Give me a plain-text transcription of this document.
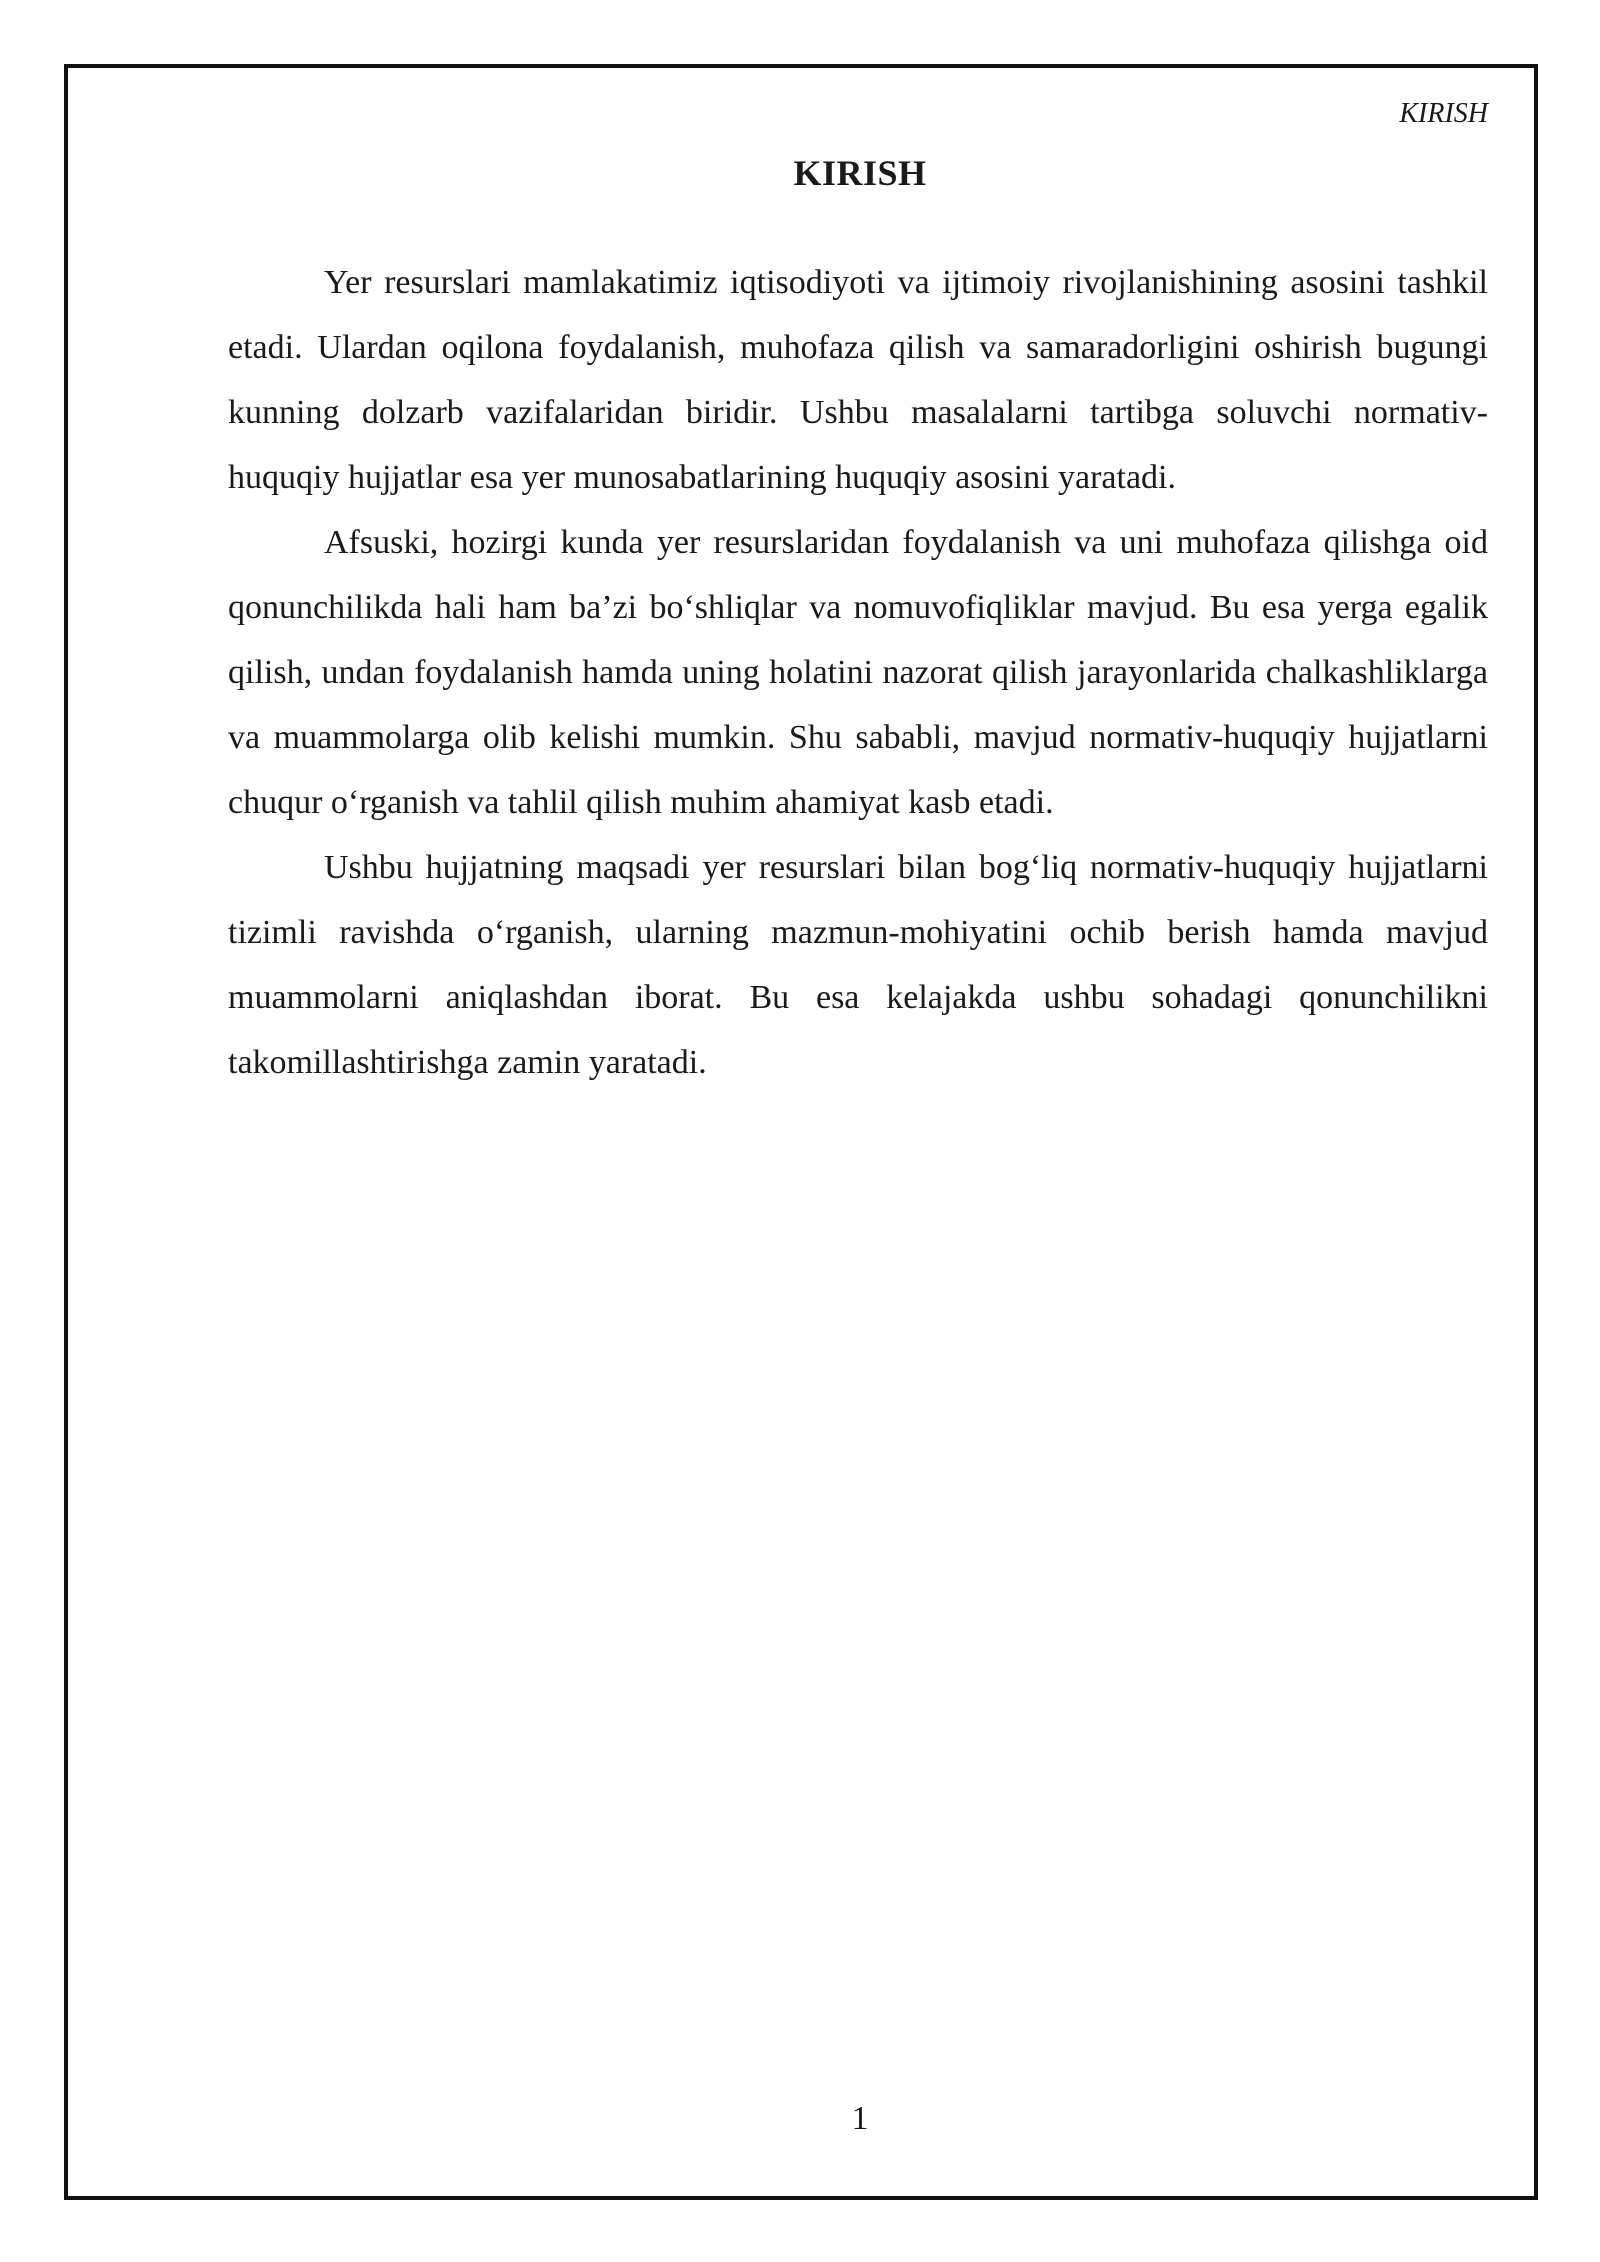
KIRISH
KIRISH

Yer resurslari mamlakatimiz iqtisodiyoti va ijtimoiy rivojlanishining asosini tashkil etadi. Ulardan oqilona foydalanish, muhofaza qilish va samaradorligini oshirish bugungi kunning dolzarb vazifalaridan biridir. Ushbu masalalarni tartibga soluvchi normativ-huquqiy hujjatlar esa yer munosabatlarining huquqiy asosini yaratadi.

Afsuski, hozirgi kunda yer resurslaridan foydalanish va uni muhofaza qilishga oid qonunchilikda hali ham ba’zi bo‘shliqlar va nomuvofiqliklar mavjud. Bu esa yerga egalik qilish, undan foydalanish hamda uning holatini nazorat qilish jarayonlarida chalkashliklarga va muammolarga olib kelishi mumkin. Shu sababli, mavjud normativ-huquqiy hujjatlarni chuqur o‘rganish va tahlil qilish muhim ahamiyat kasb etadi.

Ushbu hujjatning maqsadi yer resurslari bilan bog‘liq normativ-huquqiy hujjatlarni tizimli ravishda o‘rganish, ularning mazmun-mohiyatini ochib berish hamda mavjud muammolarni aniqlashdan iborat. Bu esa kelajakda ushbu sohadagi qonunchilikni takomillashtirishga zamin yaratadi.

1
